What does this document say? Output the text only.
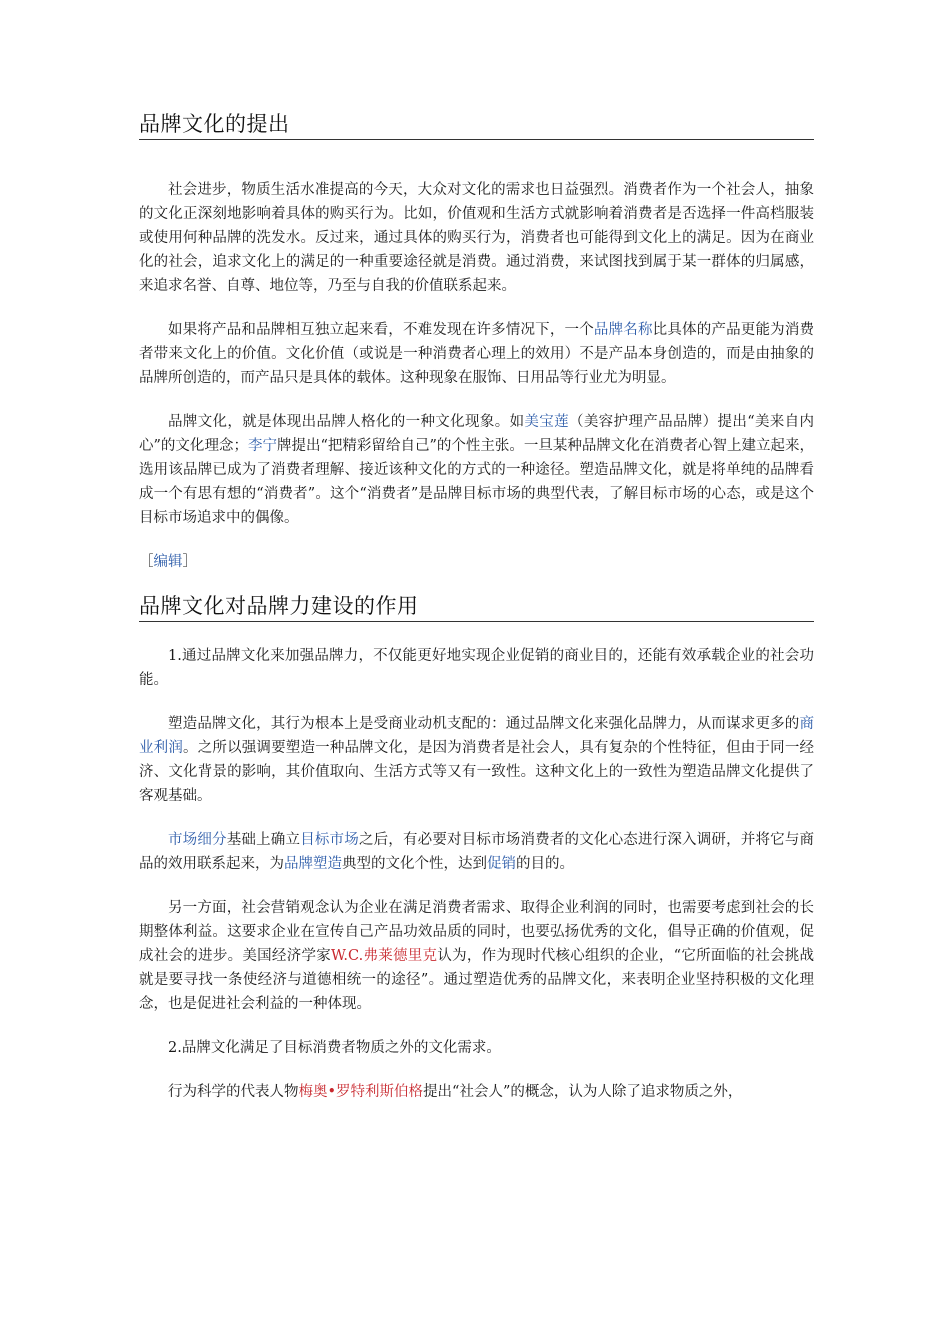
品牌文化的提出

社会进步，物质生活水准提高的今天，大众对文化的需求也日益强烈。消费者作为一个社会人，抽象的文化正深刻地影响着具体的购买行为。比如，价值观和生活方式就影响着消费者是否选择一件高档服装或使用何种品牌的洗发水。反过来，通过具体的购买行为，消费者也可能得到文化上的满足。因为在商业化的社会，追求文化上的满足的一种重要途径就是消费。通过消费，来试图找到属于某一群体的归属感，来追求名誉、自尊、地位等，乃至与自我的价值联系起来。

如果将产品和品牌相互独立起来看，不难发现在许多情况下，一个品牌名称比具体的产品更能为消费者带来文化上的价值。文化价值（或说是一种消费者心理上的效用）不是产品本身创造的，而是由抽象的品牌所创造的，而产品只是具体的载体。这种现象在服饰、日用品等行业尤为明显。

品牌文化，就是体现出品牌人格化的一种文化现象。如美宝莲（美容护理产品品牌）提出“美来自内心”的文化理念；李宁牌提出“把精彩留给自己”的个性主张。一旦某种品牌文化在消费者心智上建立起来，选用该品牌已成为了消费者理解、接近该种文化的方式的一种途径。塑造品牌文化，就是将单纯的品牌看成一个有思有想的“消费者”。这个“消费者”是品牌目标市场的典型代表，了解目标市场的心态，或是这个目标市场追求中的偶像。

［编辑］
品牌文化对品牌力建设的作用

1.通过品牌文化来加强品牌力，不仅能更好地实现企业促销的商业目的，还能有效承载企业的社会功能。

塑造品牌文化，其行为根本上是受商业动机支配的：通过品牌文化来强化品牌力，从而谋求更多的商业利润。之所以强调要塑造一种品牌文化，是因为消费者是社会人，具有复杂的个性特征，但由于同一经济、文化背景的影响，其价值取向、生活方式等又有一致性。这种文化上的一致性为塑造品牌文化提供了客观基础。

市场细分基础上确立目标市场之后，有必要对目标市场消费者的文化心态进行深入调研，并将它与商品的效用联系起来，为品牌塑造典型的文化个性，达到促销的目的。

另一方面，社会营销观念认为企业在满足消费者需求、取得企业利润的同时，也需要考虑到社会的长期整体利益。这要求企业在宣传自己产品功效品质的同时，也要弘扬优秀的文化，倡导正确的价值观，促成社会的进步。美国经济学家W.C.弗莱德里克认为，作为现时代核心组织的企业，“它所面临的社会挑战就是要寻找一条使经济与道德相统一的途径”。通过塑造优秀的品牌文化，来表明企业坚持积极的文化理念，也是促进社会利益的一种体现。

2.品牌文化满足了目标消费者物质之外的文化需求。

行为科学的代表人物梅奥•罗特利斯伯格提出“社会人”的概念，认为人除了追求物质之外，
